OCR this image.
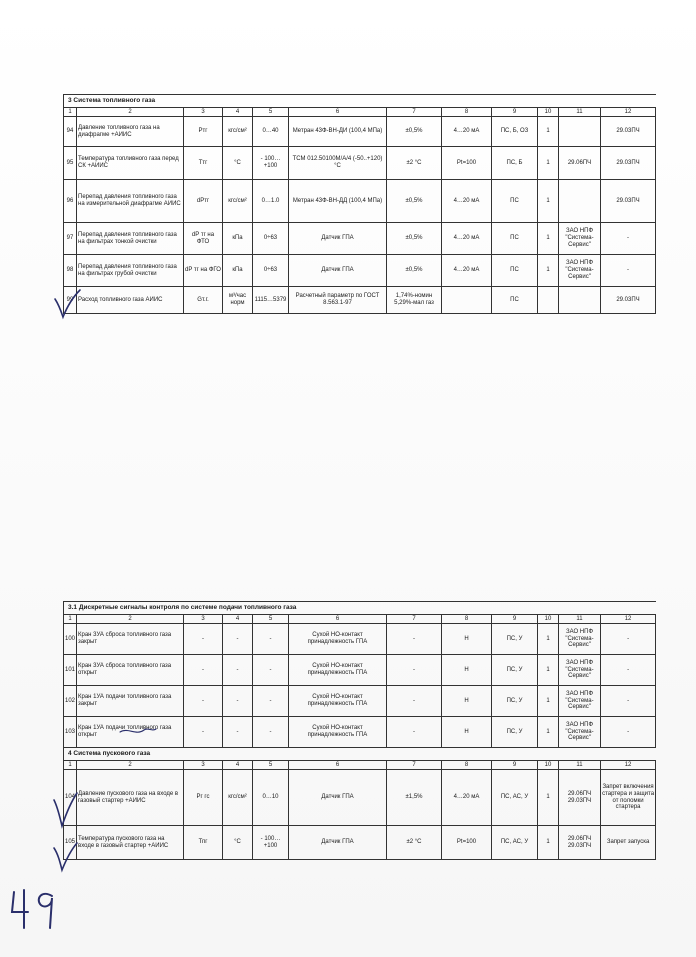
3 Система топливного газа											
1	2	3	4	5	6	7	8	9	10	11	12
94	Давление топливного газа на диафрагме +АИИС	Ртг	кгс/см²	0…40	Метран 43Ф-ВН-ДИ (100,4 МПа)	±0,5%	4…20 мА	ПС, Б, ОЗ	1		29.03ПЧ
95	Температура топливного газа перед СК +АИИС	Ттг	°С	- 100…+100	ТСМ 012.50100М/А/4 (-50..+120) °С	±2 °С	Pt=100	ПС, Б	1	29.06ПЧ	29.03ПЧ
96	Перепад давления топливного газа на измерительной диафрагме АИИС	dPтг	кгс/см²	0…1.0	Метран 43Ф-ВН-ДД (100,4 МПа)	±0,5%	4…20 мА	ПС	1		29.03ПЧ
97	Перепад давления топливного газа на фильтрах тонкой очистки	dP тг на ФТО	кПа	0÷63	Датчик ГПА	±0,5%	4…20 мА	ПС	1	ЗАО НПФ "Система-Сервис"	-
98	Перепад давления топливного газа на фильтрах грубой очистки	dP тг на ФГО	кПа	0÷63	Датчик ГПА	±0,5%	4…20 мА	ПС	1	ЗАО НПФ "Система-Сервис"	-
99	Расход топливного газа АИИС	Gт.г.	м³/час норм	1115…5379	Расчетный параметр по ГОСТ 8.563.1-97	1,74%-номин 5,29%-мал газ		ПС			29.03ПЧ
3.1 Дискретные сигналы контроля по системе подачи топливного газа											
1	2	3	4	5	6	7	8	9	10	11	12
100	Кран 3УА сброса топливного газа закрыт	-	-	-	Сухой НО-контакт принадлежность ГПА	-	Н	ПС, У	1	ЗАО НПФ "Система-Сервис"	-
101	Кран 3УА сброса топливного газа открыт	-	-	-	Сухой НО-контакт принадлежность ГПА	-	Н	ПС, У	1	ЗАО НПФ "Система-Сервис"	-
102	Кран 1УА подачи топливного газа закрыт	-	-	-	Сухой НО-контакт принадлежность ГПА	-	Н	ПС, У	1	ЗАО НПФ "Система-Сервис"	-
103	Кран 1УА подачи топливного газа открыт	-	-	-	Сухой НО-контакт принадлежность ГПА	-	Н	ПС, У	1	ЗАО НПФ "Система-Сервис"	-
4 Система пускового газа											
1	2	3	4	5	6	7	8	9	10	11	12
104	Давление пускового газа на входе в газовый стартер +АИИС	Рг гс	кгс/см²	0…10	Датчик ГПА	±1,5%	4…20 мА	ПС, АС, У	1	29.06ПЧ 29.03ПЧ	Запрет включения стартера и защита от поломки стартера
105	Температура пускового газа на входе в газовый стартер +АИИС	Тпг	°С	- 100…+100	Датчик ГПА	±2 °С	Pt=100	ПС, АС, У	1	29.06ПЧ 29.03ПЧ	Запрет запуска
